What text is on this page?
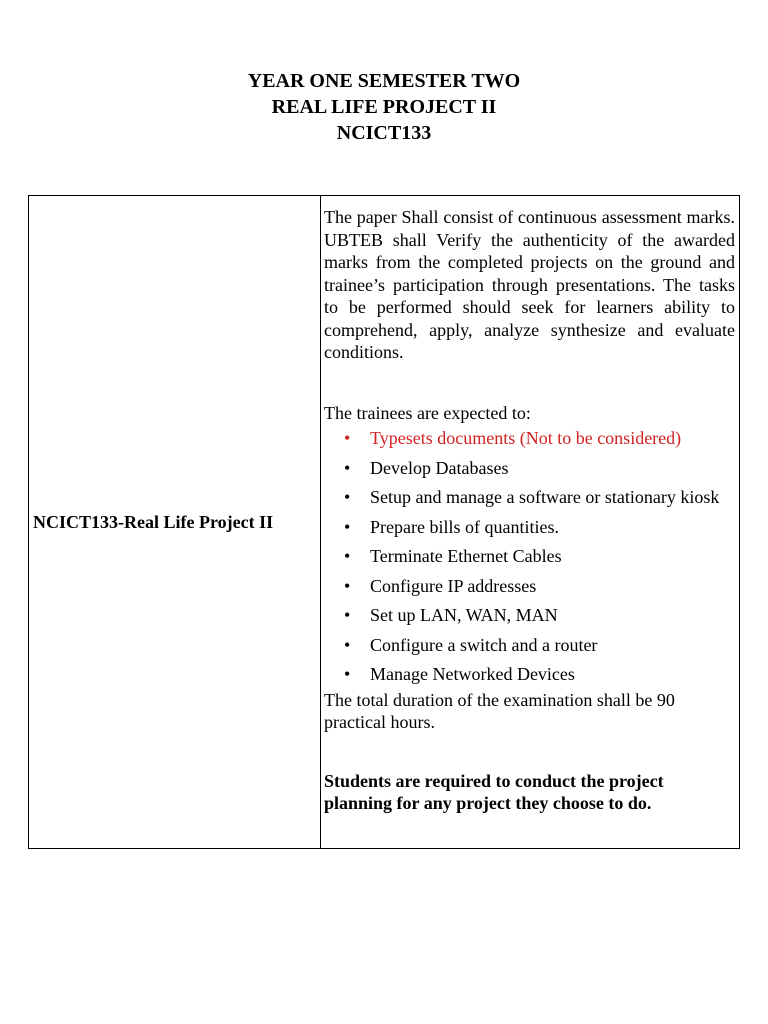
YEAR ONE SEMESTER TWO
REAL LIFE PROJECT II
NCICT133
NCICT133-Real Life Project II	

The paper Shall consist of continuous assessment marks. UBTEB shall Verify the authenticity of the awarded marks from the completed projects on the ground and trainee’s participation through presentations. The tasks to be performed should seek for learners ability to comprehend, apply, analyze synthesize and evaluate conditions.

The trainees are expected to:

• Typesets documents (Not to be considered)
• Develop Databases
• Setup and manage a software or stationary kiosk
• Prepare bills of quantities.
• Terminate Ethernet Cables
• Configure IP addresses
• Set up LAN, WAN, MAN
• Configure a switch and a router
• Manage Networked Devices

The total duration of the examination shall be 90 practical hours.

Students are required to conduct the project planning for any project they choose to do.
